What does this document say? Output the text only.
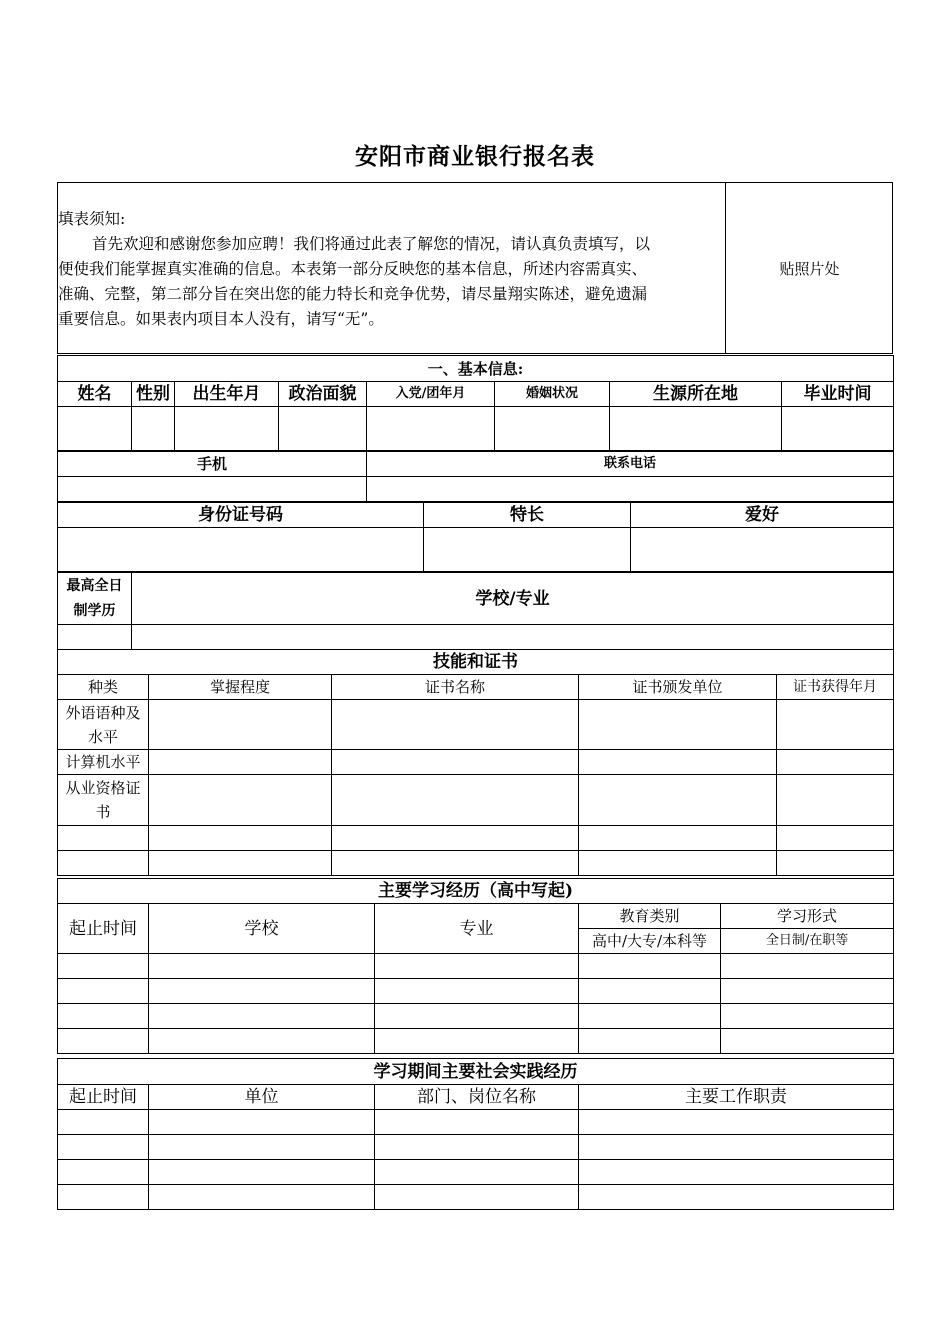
安阳市商业银行报名表
填表须知:
首先欢迎和感谢您参加应聘！我们将通过此表了解您的情况，请认真负责填写，以
便使我们能掌握真实准确的信息。本表第一部分反映您的基本信息，所述内容需真实、
准确、完整，第二部分旨在突出您的能力特长和竞争优势，请尽量翔实陈述，避免遗漏
重要信息。如果表内项目本人没有，请写“无”。
贴照片处
一、基本信息:							
姓名	性别	出生年月	政治面貌	入党/团年月	婚姻状况	生源所在地	毕业时间

手机	联系电话

身份证号码	特长	爱好

最高全日制学历	学校/专业

技能和证书				
种类	掌握程度	证书名称	证书颁发单位	证书获得年月
外语语种及水平				
计算机水平				
从业资格证书				

主要学习经历（高中写起)				
起止时间	学校	专业	教育类别	学习形式
			高中/大专/本科等	全日制/在职等

学习期间主要社会实践经历			
起止时间	单位	部门、岗位名称	主要工作职责
